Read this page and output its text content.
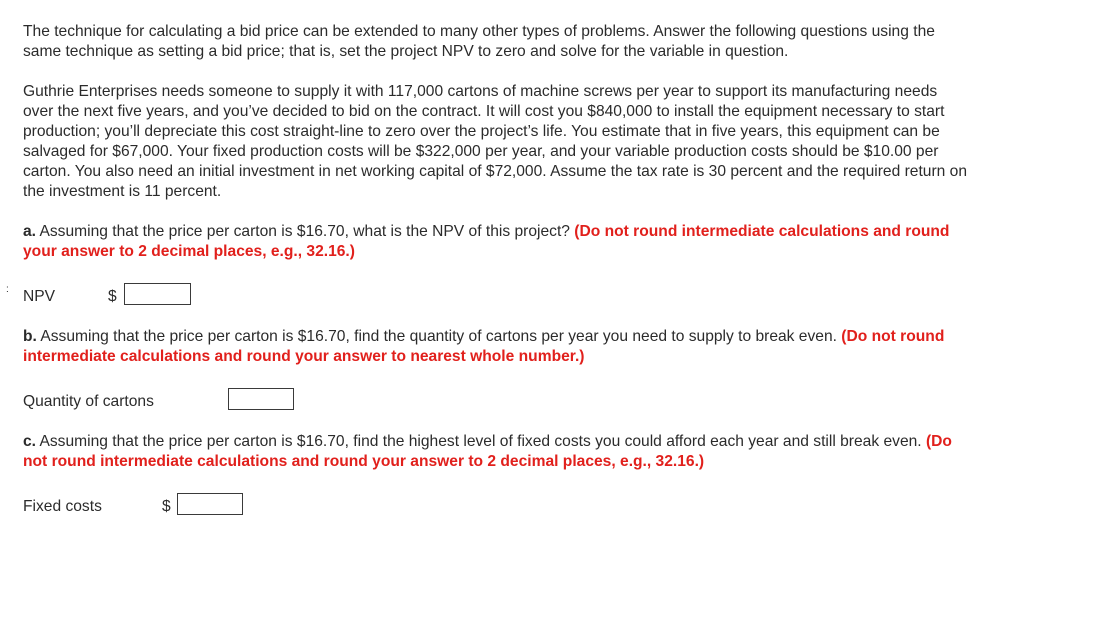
:

The technique for calculating a bid price can be extended to many other types of problems. Answer the following questions using the same technique as setting a bid price; that is, set the project NPV to zero and solve for the variable in question.

Guthrie Enterprises needs someone to supply it with 117,000 cartons of machine screws per year to support its manufacturing needs over the next five years, and you’ve decided to bid on the contract. It will cost you $840,000 to install the equipment necessary to start production; you’ll depreciate this cost straight-line to zero over the project’s life. You estimate that in five years, this equipment can be salvaged for $67,000. Your fixed production costs will be $322,000 per year, and your variable production costs should be $10.00 per carton. You also need an initial investment in net working capital of $72,000. Assume the tax rate is 30 percent and the required return on the investment is 11 percent.

a. Assuming that the price per carton is $16.70, what is the NPV of this project? (Do not round intermediate calculations and round your answer to 2 decimal places, e.g., 32.16.)

NPV	$

b. Assuming that the price per carton is $16.70, find the quantity of cartons per year you need to supply to break even. (Do not round intermediate calculations and round your answer to nearest whole number.)

Quantity of cartons

c. Assuming that the price per carton is $16.70, find the highest level of fixed costs you could afford each year and still break even. (Do not round intermediate calculations and round your answer to 2 decimal places, e.g., 32.16.)

Fixed costs	$
